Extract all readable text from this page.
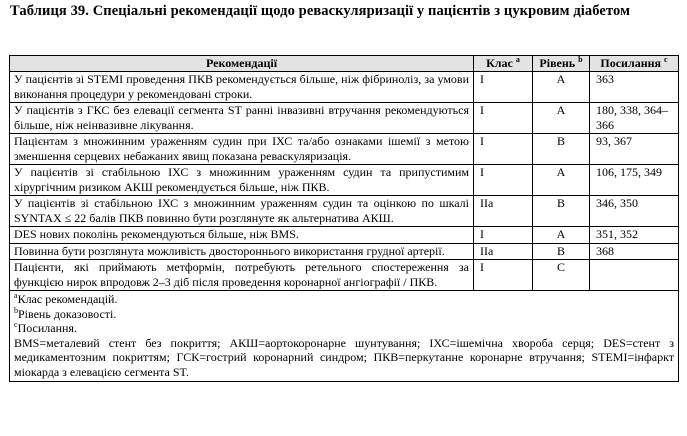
Таблиця 39. Спеціальні рекомендації щодо реваскуляризації у пацієнтів з цукровим діабетом
Рекомендації	Клас $^a$	Рівень $^b$	Посилання $^c$
У пацієнтів зі STEMI проведення ПКВ рекомендується більше, ніж фібриноліз, за умови виконання процедури у рекомендовані строки.	I	A	363
У пацієнтів з ГКС без елевації сегмента ST ранні інвазивні втручання рекомендуються більше, ніж неінвазивне лікування.	I	A	180, 338, 364–366
Пацієнтам з множинним ураженням судин при ІХС та/або ознаками ішемії з метою зменшення серцевих небажаних явищ показана реваскуляризація.	I	B	93, 367
У пацієнтів зі стабільною ІХС з множинним ураженням судин та припустимим хірургічним ризиком АКШ рекомендується більше, ніж ПКВ.	I	A	106, 175, 349
У пацієнтів зі стабільною ІХС з множинним ураженням судин та оцінкою по шкалі SYNTAX ≤ 22 балів ПКВ повинно бути розглянуте як альтернатива АКШ.	IIa	B	346, 350
DES нових поколінь рекомендуються більше, ніж BMS.	I	A	351, 352
Повинна бути розглянута можливість двостороннього використання грудної артерії.	IIa	B	368
Пацієнти, які приймають метформін, потребують ретельного спостереження за функцією нирок впродовж 2–3 діб після проведення коронарної ангіографії / ПКВ.	I	C	

$^a$Клас рекомендацій.
$^b$Рівень доказовості.
$^c$Посилання.
BMS=металевий стент без покриття; АКШ=аортокоронарне шунтування; ІХС=ішемічна хвороба серця; DES=стент з медикаментозним покриттям; ГСК=гострий коронарний синдром; ПКВ=перкутанне коронарне втручання; STEMI=інфаркт міокарда з елевацією сегмента ST.			
